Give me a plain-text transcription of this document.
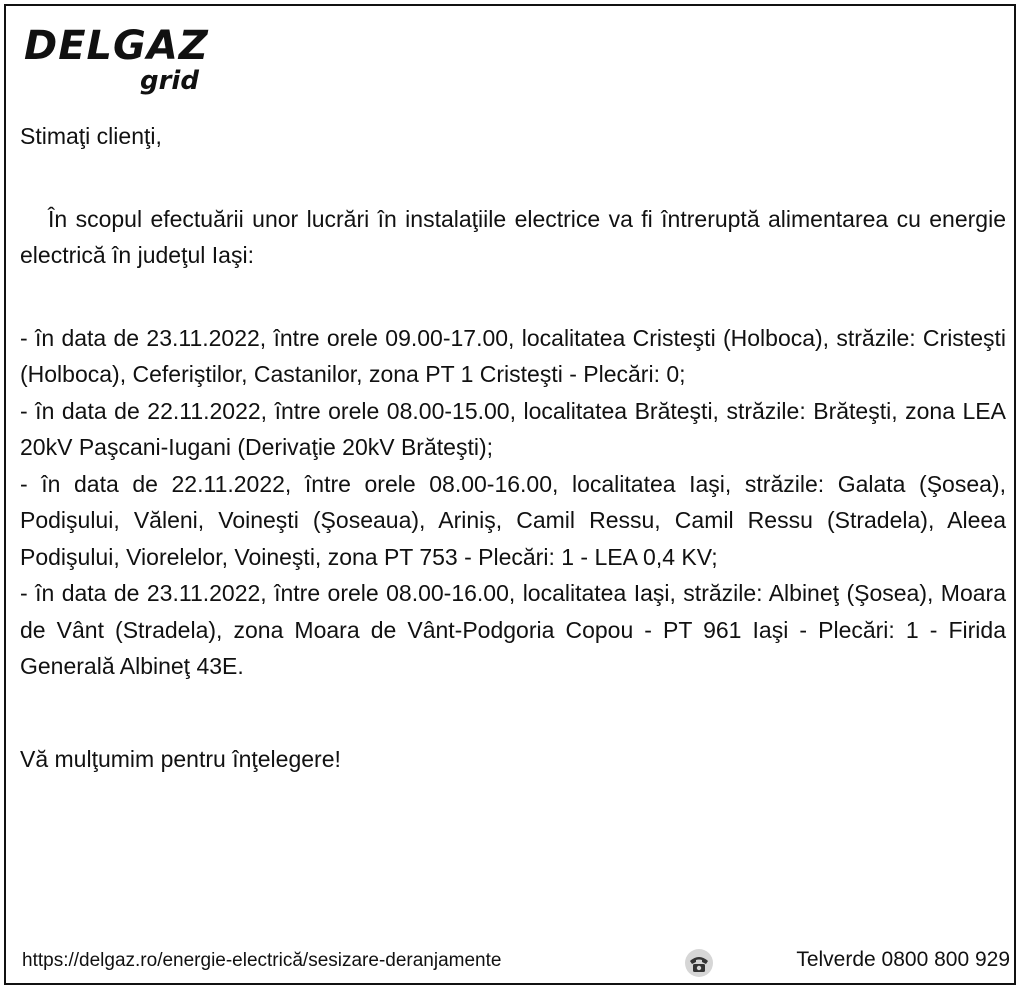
DELGAZ
grid

Stimaţi clienţi,

În scopul efectuării unor lucrări în instalaţiile electrice va fi întreruptă alimentarea cu energie electrică în judeţul Iaşi:

- în data de 23.11.2022, între orele 09.00-17.00, localitatea Cristeşti (Holboca), străzile: Cristeşti (Holboca), Ceferiştilor, Castanilor, zona PT 1 Cristeşti - Plecări: 0;
- în data de 22.11.2022, între orele 08.00-15.00, localitatea Brăteşti, străzile: Brăteşti, zona LEA 20kV Paşcani-Iugani (Derivaţie 20kV Brăteşti);
- în data de 22.11.2022, între orele 08.00-16.00, localitatea Iaşi, străzile: Galata (Şosea), Podişului, Văleni, Voineşti (Şoseaua), Ariniş, Camil Ressu, Camil Ressu (Stradela), Aleea Podişului, Viorelelor, Voineşti, zona PT 753 - Plecări: 1 - LEA 0,4 KV;
- în data de 23.11.2022, între orele 08.00-16.00, localitatea Iaşi, străzile: Albineţ (Şosea), Moara de Vânt (Stradela), zona Moara de Vânt-Podgoria Copou - PT 961 Iaşi - Plecări: 1 - Firida Generală Albineţ 43E.

Vă mulţumim pentru înţelegere!

https://delgaz.ro/energie-electrică/sesizare-deranjamente	Telverde 0800 800 929
